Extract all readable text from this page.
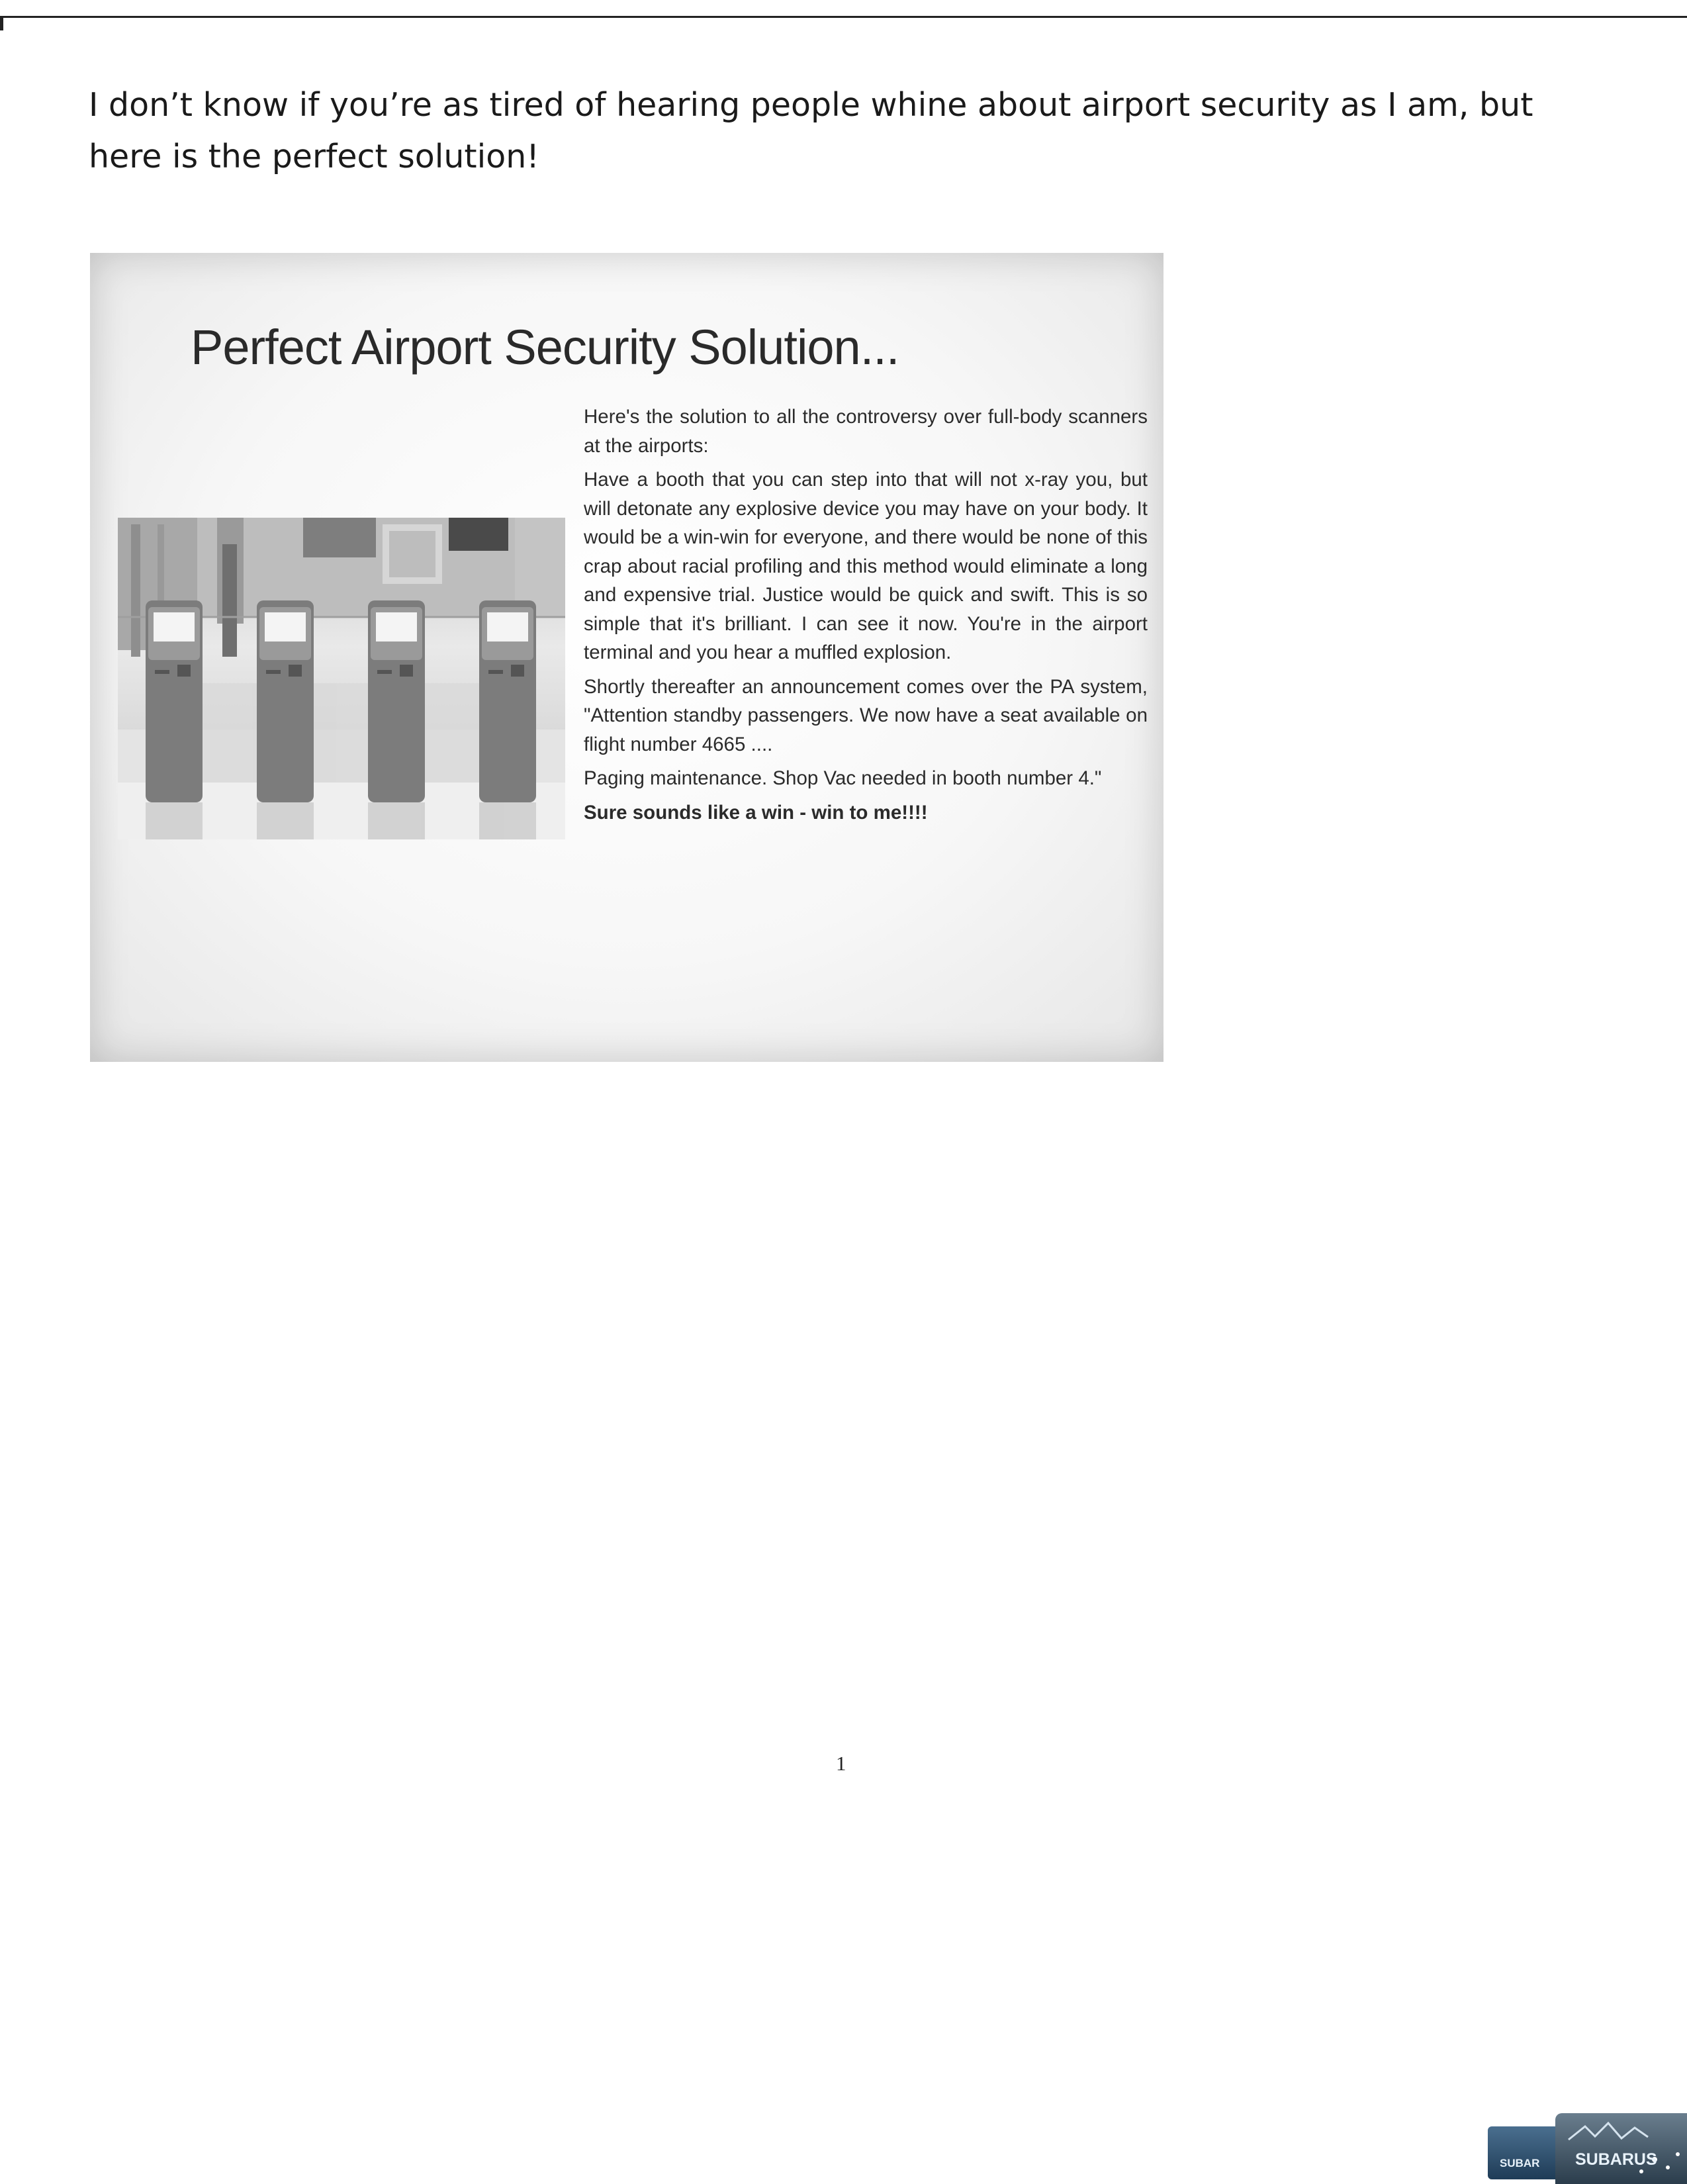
I don’t know if you’re as tired of hearing people whine about airport security as I am, but here is the perfect solution!
Perfect Airport Security Solution...

Here's the solution to all the controversy over full-body scanners at the airports:

Have a booth that you can step into that will not x-ray you, but will detonate any explosive device you may have on your body. It would be a win-win for everyone, and there would be none of this crap about racial profiling and this method would eliminate a long and expensive trial. Justice would be quick and swift. This is so simple that it's brilliant. I can see it now. You're in the airport terminal and you hear a muffled explosion.

Shortly thereafter an announcement comes over the PA system, "Attention standby passengers. We now have a seat available on flight number 4665 ....

Paging maintenance. Shop Vac needed in booth number 4."

Sure sounds like a win - win to me!!!!

1
SUBAR SUBARUS
